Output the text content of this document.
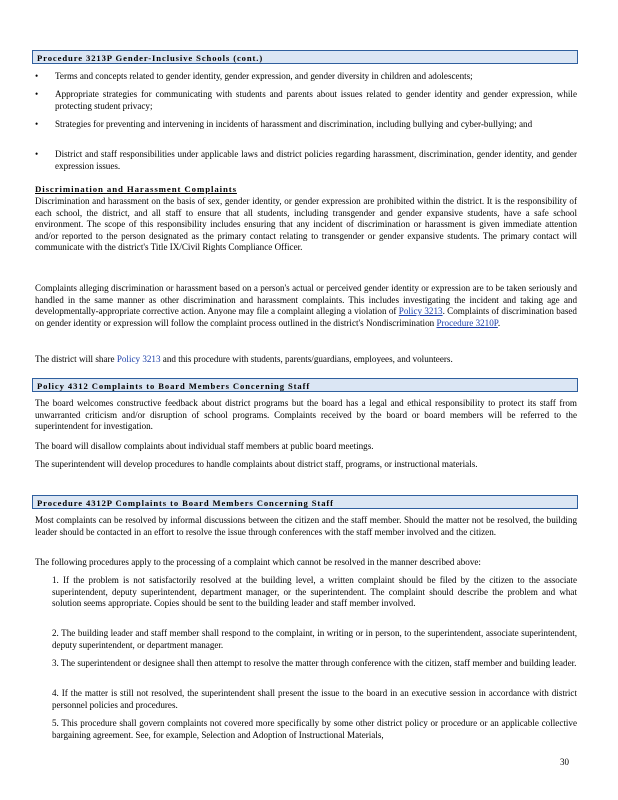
Procedure 3213P Gender-Inclusive Schools (cont.)
• Terms and concepts related to gender identity, gender expression, and gender diversity in children and adolescents;
• Appropriate strategies for communicating with students and parents about issues related to gender identity and gender expression, while protecting student privacy;
• Strategies for preventing and intervening in incidents of harassment and discrimination, including bullying and cyber-bullying; and
• District and staff responsibilities under applicable laws and district policies regarding harassment, discrimination, gender identity, and gender expression issues.
Discrimination and Harassment Complaints
Discrimination and harassment on the basis of sex, gender identity, or gender expression are prohibited within the district. It is the responsibility of each school, the district, and all staff to ensure that all students, including transgender and gender expansive students, have a safe school environment. The scope of this responsibility includes ensuring that any incident of discrimination or harassment is given immediate attention and/or reported to the person designated as the primary contact relating to transgender or gender expansive students. The primary contact will communicate with the district's Title IX/Civil Rights Compliance Officer.
Complaints alleging discrimination or harassment based on a person's actual or perceived gender identity or expression are to be taken seriously and handled in the same manner as other discrimination and harassment complaints. This includes investigating the incident and taking age and developmentally-appropriate corrective action. Anyone may file a complaint alleging a violation of Policy 3213. Complaints of discrimination based on gender identity or expression will follow the complaint process outlined in the district's Nondiscrimination Procedure 3210P.
The district will share Policy 3213 and this procedure with students, parents/guardians, employees, and volunteers.
Policy 4312 Complaints to Board Members Concerning Staff
The board welcomes constructive feedback about district programs but the board has a legal and ethical responsibility to protect its staff from unwarranted criticism and/or disruption of school programs. Complaints received by the board or board members will be referred to the superintendent for investigation.
The board will disallow complaints about individual staff members at public board meetings.
The superintendent will develop procedures to handle complaints about district staff, programs, or instructional materials.
Procedure 4312P Complaints to Board Members Concerning Staff
Most complaints can be resolved by informal discussions between the citizen and the staff member. Should the matter not be resolved, the building leader should be contacted in an effort to resolve the issue through conferences with the staff member involved and the citizen.
The following procedures apply to the processing of a complaint which cannot be resolved in the manner described above:
1. If the problem is not satisfactorily resolved at the building level, a written complaint should be filed by the citizen to the associate superintendent, deputy superintendent, department manager, or the superintendent. The complaint should describe the problem and what solution seems appropriate. Copies should be sent to the building leader and staff member involved.
2. The building leader and staff member shall respond to the complaint, in writing or in person, to the superintendent, associate superintendent, deputy superintendent, or department manager.
3. The superintendent or designee shall then attempt to resolve the matter through conference with the citizen, staff member and building leader.
4. If the matter is still not resolved, the superintendent shall present the issue to the board in an executive session in accordance with district personnel policies and procedures.
5. This procedure shall govern complaints not covered more specifically by some other district policy or procedure or an applicable collective bargaining agreement. See, for example, Selection and Adoption of Instructional Materials,
30
